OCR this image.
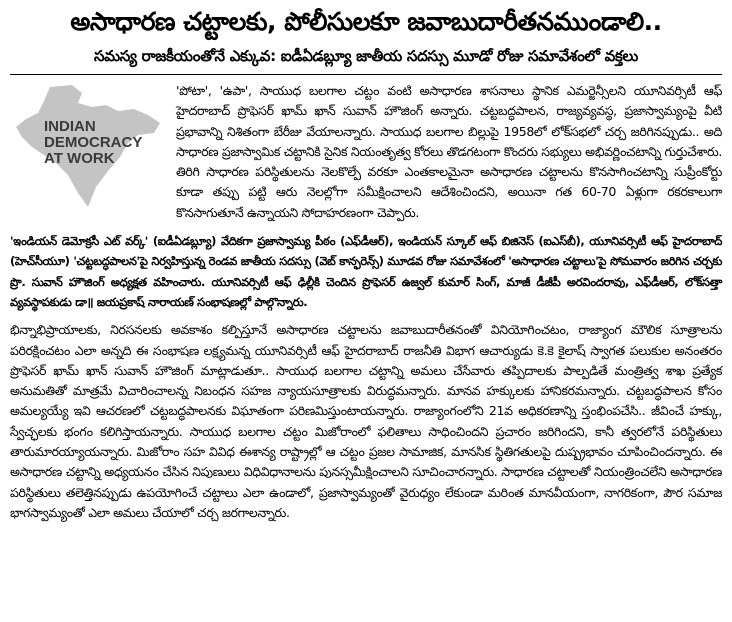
అసాధారణ చట్టాలకు, పోలీసులకూ జవాబుదారీతనముండాలి..
సమస్య రాజకీయంతోనే ఎక్కువ: ఐడీఏడబ్ల్యూ జాతీయ సదస్సు మూడో రోజు సమావేశంలో వక్తలు
INDIAN
DEMOCRACY
AT WORK

'పోటా', 'ఉపా', సాయుధ బలగాల చట్టం వంటి అసాధారణ శాసనాలు స్థానిక ఎమర్జెన్సీలని యూనివర్సిటీ ఆఫ్ హైదరాబాద్ ప్రొఫెసర్ ఖామ్ ఖాన్ సువాన్ హౌజింగ్ అన్నారు. చట్టబద్ధపాలన, రాజ్యవ్యవస్థ, ప్రజాస్వామ్యంపై వీటి ప్రభావాన్ని నిశితంగా బేరీజు వేయాలన్నారు. సాయుధ బలగాల బిల్లుపై 1958లో లోక్‌సభలో చర్చ జరిగినప్పుడు.. అది సాధారణ ప్రజాస్వామిక చట్టానికి సైనిక నియంతృత్వ కోరలు తొడగటంగా కొందరు సభ్యులు అభివర్ణించటాన్ని గుర్తుచేశారు. తిరిగి సాధారణ పరిస్థితులను నెలకొల్పే వరకూ ఎంతకాలమైనా అసాధారణ చట్టాలను కొనసాగించటాన్ని సుప్రీంకోర్టు కూడా తప్పు పట్టి ఆరు నెలల్లోగా సమీక్షించాలని ఆదేశించిందని, అయినా గత 60-70 ఏళ్లుగా రకరకాలుగా కొనసాగుతూనే ఉన్నాయని సోదాహరణంగా చెప్పారు.

'ఇండియన్ డెమోక్రసీ ఎట్ వర్క్' (ఐడీఏడబ్ల్యూ) వేదికగా ప్రజాస్వామ్య పీఠం (ఎఫ్‌డీఆర్), ఇండియన్ స్కూల్ ఆఫ్ బిజినెస్ (ఐఎస్‌బీ), యూనివర్సిటీ ఆఫ్ హైదరాబాద్ (హెచ్‌సీయూ) 'చట్టబద్ధపాలన'పై నిర్వహిస్తున్న రెండవ జాతీయ సదస్సు (వెబ్ కాన్ఫరెన్స్) మూడవ రోజు సమావేశంలో 'అసాధారణ చట్టాలు'పై సోమవారం జరిగిన చర్చకు ప్రొ. సువాన్ హౌజింగ్ అధ్యక్షత వహించారు. యూనివర్సిటీ ఆఫ్ ఢిల్లీకి చెందిన ప్రొఫెసర్ ఉజ్వల్ కుమార్ సింగ్, మాజీ డీజీపీ అరవిందరావు, ఎఫ్‌డీఆర్, లోక్‌సత్తా వ్యవస్థాపకుడు డా॥ జయప్రకాష్ నారాయణ్ సంభాషణల్లో పాల్గొన్నారు.

భిన్నాభిప్రాయాలకు, నిరసనలకు అవకాశం కల్పిస్తూనే అసాధారణ చట్టాలను జవాబుదారీతనంతో వినియోగించటం, రాజ్యాంగ మౌలిక సూత్రాలను పరిరక్షించటం ఎలా అన్నది ఈ సంభాషణ లక్ష్యమన్న యూనివర్సిటీ ఆఫ్ హైదరాబాద్ రాజనీతి విభాగ ఆచార్యుడు కె.కె కైలాష్ స్వాగత పలుకుల అనంతరం ప్రొఫెసర్ ఖామ్ ఖాన్ సువాన్ హౌజింగ్ మాట్లాడుతూ.. సాయుధ బలగాల చట్టాన్ని అమలు చేసేవారు తప్పిదాలకు పాల్పడితే మంత్రిత్వ శాఖ ప్రత్యేక అనుమతితో మాత్రమే విచారించాలన్న నిబంధన సహజ న్యాయసూత్రాలకు విరుద్ధమన్నారు. మానవ హక్కులకు హానికరమన్నారు. చట్టబద్ధపాలన కోసం అమల్యయ్యే ఇవి ఆచరణలో చట్టబద్ధపాలనకు విఘాతంగా పరిణమిస్తుంటాయన్నారు. రాజ్యాంగంలోని 21వ అధికరణాన్ని స్తంభింపచేసి.. జీవించే హక్కు, స్వేచ్ఛలకు భంగం కలిగిస్తాయన్నారు. సాయుధ బలగాల చట్టం మిజోరాంలో ఫలితాలు సాధించిందని ప్రచారం జరిగిందని, కానీ త్వరలోనే పరిస్థితులు తారుమారయ్యాయన్నారు. మిజోరాం సహ వివిధ ఈశాన్య రాష్ట్రాల్లో ఆ చట్టం ప్రజల సామాజిక, మానసిక స్థితిగతులపై దుష్ప్రభావం చూపించిందన్నారు. ఈ అసాధారణ చట్టాన్ని అధ్యయనం చేసిన నిపుణులు విధివిధానాలను పునస్సమీక్షించాలని సూచించారన్నారు. సాధారణ చట్టాలతో నియంత్రించలేని అసాధారణ పరిస్థితులు తలెత్తినప్పుడు ఉపయోగించే చట్టాలు ఎలా ఉండాలో, ప్రజాస్వామ్యంతో వైరుధ్యం లేకుండా మరింత మానవీయంగా, నాగరికంగా, పౌర సమాజ భాగస్వామ్యంతో ఎలా అమలు చేయాలో చర్చ జరగాలన్నారు.
